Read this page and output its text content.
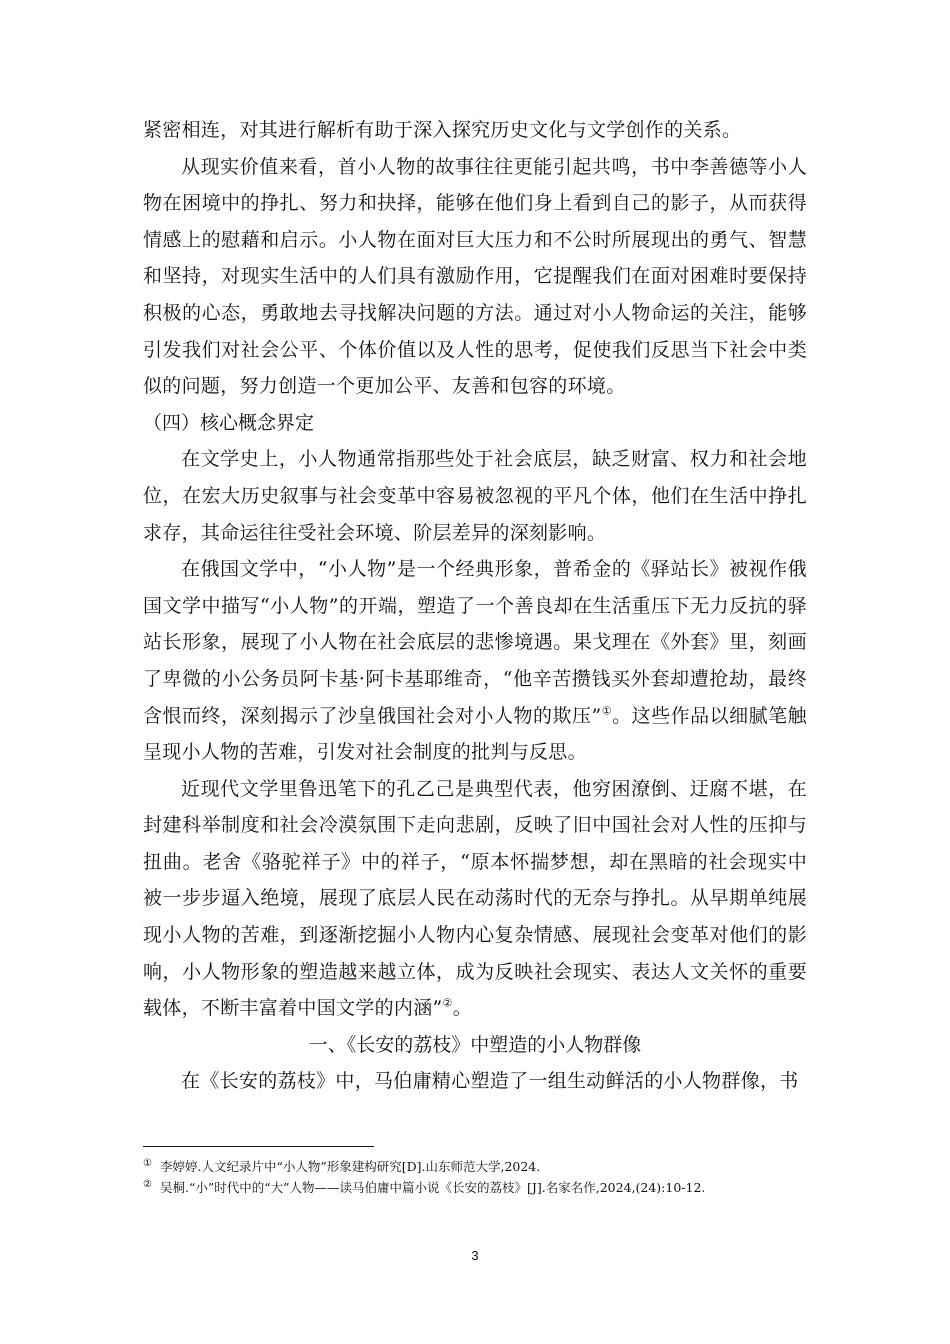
紧密相连，对其进行解析有助于深入探究历史文化与文学创作的关系。

从现实价值来看，首小人物的故事往往更能引起共鸣，书中李善德等小人物在困境中的挣扎、努力和抉择，能够在他们身上看到自己的影子，从而获得情感上的慰藉和启示。小人物在面对巨大压力和不公时所展现出的勇气、智慧和坚持，对现实生活中的人们具有激励作用，它提醒我们在面对困难时要保持积极的心态，勇敢地去寻找解决问题的方法。通过对小人物命运的关注，能够引发我们对社会公平、个体价值以及人性的思考，促使我们反思当下社会中类似的问题，努力创造一个更加公平、友善和包容的环境。

（四）核心概念界定

在文学史上，小人物通常指那些处于社会底层，缺乏财富、权力和社会地位，在宏大历史叙事与社会变革中容易被忽视的平凡个体，他们在生活中挣扎求存，其命运往往受社会环境、阶层差异的深刻影响。

在俄国文学中，“小人物”是一个经典形象，普希金的《驿站长》被视作俄国文学中描写“小人物”的开端，塑造了一个善良却在生活重压下无力反抗的驿站长形象，展现了小人物在社会底层的悲惨境遇。果戈理在《外套》里，刻画了卑微的小公务员阿卡基·阿卡基耶维奇，“他辛苦攒钱买外套却遭抢劫，最终含恨而终，深刻揭示了沙皇俄国社会对小人物的欺压”①。这些作品以细腻笔触呈现小人物的苦难，引发对社会制度的批判与反思。

近现代文学里鲁迅笔下的孔乙己是典型代表，他穷困潦倒、迂腐不堪，在封建科举制度和社会冷漠氛围下走向悲剧，反映了旧中国社会对人性的压抑与扭曲。老舍《骆驼祥子》中的祥子，“原本怀揣梦想，却在黑暗的社会现实中被一步步逼入绝境，展现了底层人民在动荡时代的无奈与挣扎。从早期单纯展现小人物的苦难，到逐渐挖掘小人物内心复杂情感、展现社会变革对他们的影响，小人物形象的塑造越来越立体，成为反映社会现实、表达人文关怀的重要载体，不断丰富着中国文学的内涵”②。

一、《长安的荔枝》中塑造的小人物群像

在《长安的荔枝》中，马伯庸精心塑造了一组生动鲜活的小人物群像，书

① 李婷婷.人文纪录片中“小人物”形象建构研究[D].山东师范大学,2024.

② 吴桐.“小”时代中的“大”人物——读马伯庸中篇小说《长安的荔枝》[J].名家名作,2024,(24):10-12.

3
